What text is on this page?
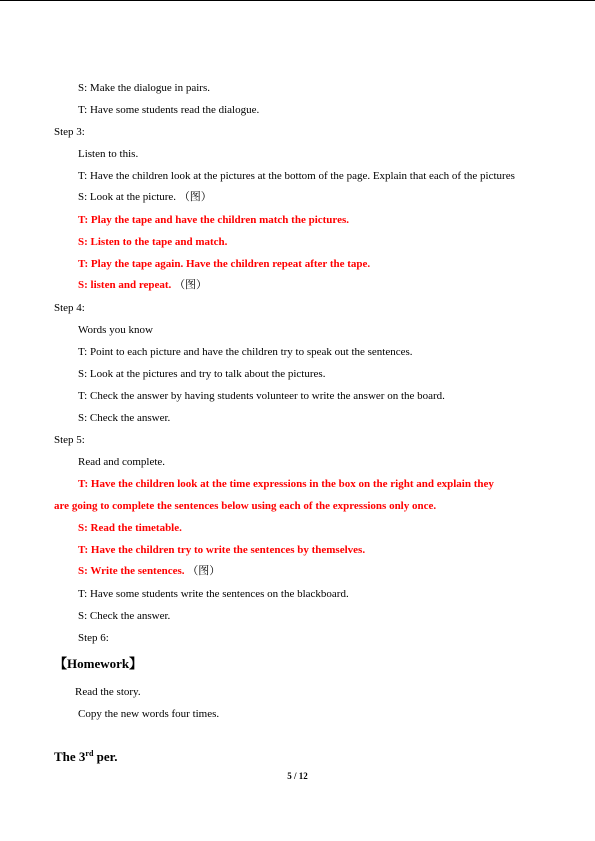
S: Make the dialogue in pairs.
T: Have some students read the dialogue.
Step 3:
Listen to this.
T: Have the children look at the pictures at the bottom of the page. Explain that each of the pictures
S: Look at the picture. （图）
T: Play the tape and have the children match the pictures.
S: Listen to the tape and match.
T: Play the tape again. Have the children repeat after the tape.
S: listen and repeat. （图）
Step 4:
Words you know
T: Point to each picture and have the children try to speak out the sentences.
S: Look at the pictures and try to talk about the pictures.
T: Check the answer by having students volunteer to write the answer on the board.
S: Check the answer.
Step 5:
Read and complete.
T: Have the children look at the time expressions in the box on the right and explain they
are going to complete the sentences below using each of the expressions only once.
S: Read the timetable.
T: Have the children try to write the sentences by themselves.
S: Write the sentences. （图）
T: Have some students write the sentences on the blackboard.
S: Check the answer.
Step 6:
【Homework】
Read the story.
Copy the new words four times.
The 3rd per.
5 / 12
